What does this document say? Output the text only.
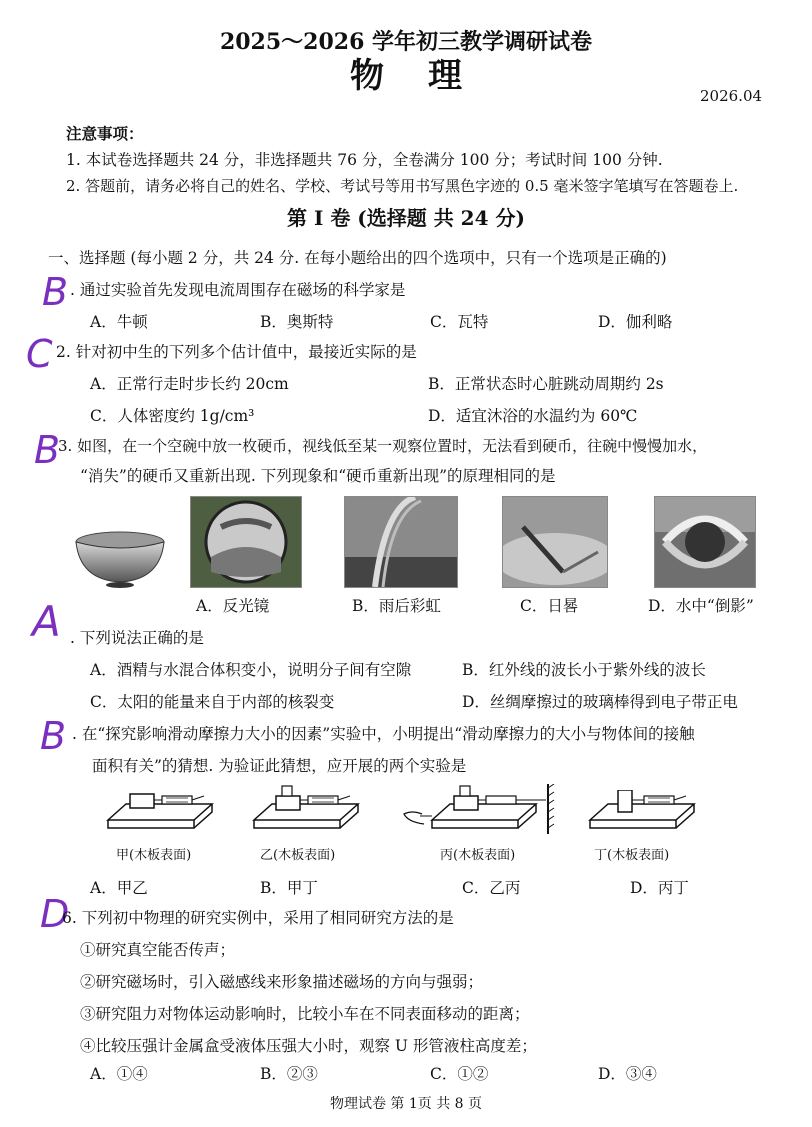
2025～2026 学年初三教学调研试卷
物理	2026.04
注意事项：
1. 本试卷选择题共 24 分，非选择题共 76 分，全卷满分 100 分；考试时间 100 分钟.
2. 答题前，请务必将自己的姓名、学校、考试号等用书写黑色字迹的 0.5 毫米签字笔填写在答题卷上.
第 Ⅰ 卷 (选择题 共 24 分)
一、选择题 (每小题 2 分，共 24 分. 在每小题给出的四个选项中，只有一个选项是正确的)
B . 通过实验首先发现电流周围存在磁场的科学家是
A．牛顿	B．奥斯特	C．瓦特	D．伽利略
C 2. 针对初中生的下列多个估计值中，最接近实际的是
A．正常行走时步长约 20cm	B．正常状态时心脏跳动周期约 2s
C．人体密度约 1g/cm³	D．适宜沐浴的水温约为 60℃
B
3. 如图，在一个空碗中放一枚硬币，视线低至某一观察位置时，无法看到硬币，往碗中慢慢加水，
“消失”的硬币又重新出现. 下列现象和“硬币重新出现”的原理相同的是
A．反光镜	B．雨后彩虹	C．日晷	D．水中“倒影”
A . 下列说法正确的是
A．酒精与水混合体积变小，说明分子间有空隙	B．红外线的波长小于紫外线的波长
C．太阳的能量来自于内部的核裂变	D．丝绸摩擦过的玻璃棒得到电子带正电
B . 在“探究影响滑动摩擦力大小的因素”实验中，小明提出“滑动摩擦力的大小与物体间的接触
面积有关”的猜想. 为验证此猜想，应开展的两个实验是
甲(木板表面)	乙(木板表面)	丙(木板表面)	丁(木板表面)
A．甲乙	B．甲丁	C．乙丙	D．丙丁
D
6. 下列初中物理的研究实例中，采用了相同研究方法的是
①研究真空能否传声；
②研究磁场时，引入磁感线来形象描述磁场的方向与强弱；
③研究阻力对物体运动影响时，比较小车在不同表面移动的距离；
④比较压强计金属盒受液体压强大小时，观察 U 形管液柱高度差；
A．①④	B．②③	C．①②	D．③④
物理试卷 第 1页 共 8 页
